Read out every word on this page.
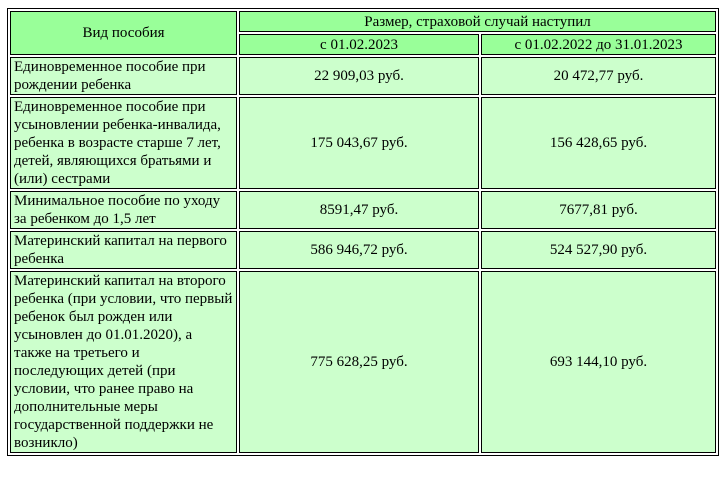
Вид пособия	Размер, страховой случай наступил	
	с 01.02.2023	с 01.02.2022 до 31.01.2023
Единовременное пособие при рождении ребенка	22 909,03 руб.	20 472,77 руб.
Единовременное пособие при усыновлении ребенка-инвалида, ребенка в возрасте старше 7 лет, детей, являющихся братьями и (или) сестрами	175 043,67 руб.	156 428,65 руб.
Минимальное пособие по уходу за ребенком до 1,5 лет	8591,47 руб.	7677,81 руб.
Материнский капитал на первого ребенка	586 946,72 руб.	524 527,90 руб.
Материнский капитал на второго ребенка (при условии, что первый ребенок был рожден или усыновлен до 01.01.2020), а также на третьего и последующих детей (при условии, что ранее право на дополнительные меры государственной поддержки не возникло)	775 628,25 руб.	693 144,10 руб.
